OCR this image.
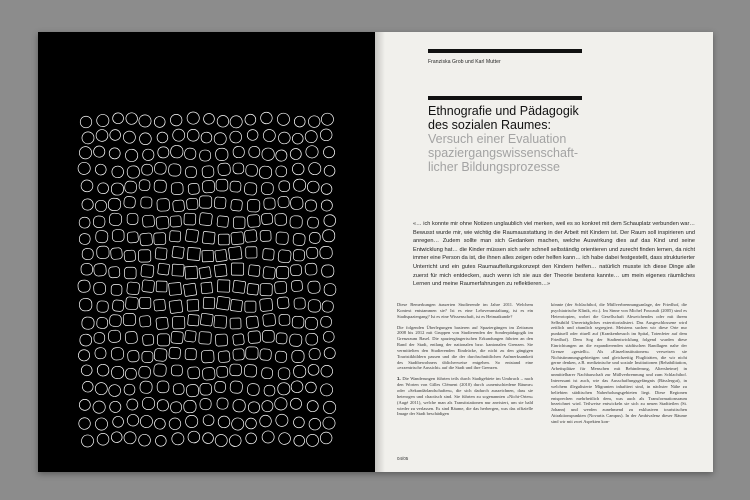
Franziska Grob und Karl Mutter
Ethnografie und Pädagogik
des sozialen Raumes:
Versuch einer Evaluation
spaziergangswissenschaft-
licher Bildungsprozesse
«… ich konnte mir ohne Notizen unglaublich viel merken, weil es so konkret mit dem Schauplatz verbunden war… Bewusst wurde mir, wie wichtig die Raumausstattung in der Arbeit mit Kindern ist. Der Raum soll inspirieren und anregen… Zudem sollte man sich Gedanken machen, welche Auswirkung dies auf das Kind und seine Entwicklung hat… die Kinder müssen sich sehr schnell selbständig orientieren und zurecht finden lernen, da nicht immer eine Person da ist, die ihnen alles zeigen oder helfen kann… ich habe dabei festgestellt, dass strukturierter Unterricht und ein gutes Raumaufteilungskonzept den Kindern helfen… natürlich musste ich diese Dinge alle zuerst für mich entdecken, auch wenn ich sie aus der Theorie bestens kannte… um mein eigenes räumliches Lernen und meine Raumerfahrungen zu reflektieren…»

Diese Bemerkungen äusserten Studierende im Jahre 2011. Welchem Kontext entstammen sie? Ist es eine Lehrveranstaltung, ist es ein Stadtspaziergang? Ist es eine Wissenschaft, ist es Heimatkunde?

Die folgenden Überlegungen basieren auf Spaziergängen im Zeitraum 2008 bis 2012 mit Gruppen von Studierenden der Sonderpädagogik im Grenzraum Basel. Die spaziergängerischen Erkundungen führten an den Rand der Stadt, entlang der nationalen bzw. kantonalen Grenzen. Sie vermittelten den Studierenden Eindrücke, die nicht zu den gängigen Touristikbildern passen und die der durchschnittlichen Aufmerksamkeit des Stadtbewohners üblicherweise entgehen. So entstand eine «exzentrische Aussicht» auf die Stadt und ihre Grenzen.

1. Die Wanderungen führten teils durch Stadtgebiete im Umbruch – nach den Worten von Gilles Clément (2010) durch «unentschiedene Räume» oder «Sekundärlandschaften», die sich dadurch auszeichnen, dass sie heterogen und chaotisch sind. Sie führten zu sogenannten «Nicht-Orten» (Augé 2011), welche man als Transitstationen nur anvisiert, um sie bald wieder zu verlassen. Es sind Räume, die das herbergen, was das offizielle Image der Stadt beschädigen

könnte (der Schlachthof, die Müllverbrennungsanlage, der Friedhof, die psychiatrische Klinik, etc.). Im Sinne von Michel Foucault (2005) sind es Heterotopien, wobei die Gesellschaft Abweichendes oder mit ihrem Selbstbild Unverträgliches exterritorialisiert. Das Ausgeschlossene wird zeitlich und räumlich segregiert. Meistens suchen wir diese Orte nur punktuell oder rituell auf (Krankenbesuch im Spital, Totenfeier auf dem Friedhof). Dem Sog der Stadtentwicklung folgend wurden diese Einrichtungen an die expandierenden städtischen Randlagen nahe der Grenze «gestellt». Als «Einzelinstitutionen» verweisen sie Nichtstimmungsgebietigen und gleichzeitig Flugliträten, die wir nicht gerne denken, z.B. medizinische und soziale Institutionen (Rehabilitation, Arbeitsplätze für Menschen mit Behinderung, Altersheime) in unmittelbarer Nachbarschaft zur Müllverbrennung und zum Schlachthof. Interessant ist auch, wie das Ausschaffungsgefängnis (Bässlergut), in welchem illegalisierte Migranten inhaftiert sind, in nächster Nähe zu beliebten städtischen Naherholungsgebieten liegt. Diese Regionen entsprechen mehrheitlich dem, was auch als Transformationsraum bezeichnet wird. Teilweise entwickeln sie sich zu neuen Stadtteilen (St. Johann) und werden zunehmend zu exklusiven touristischen Attraktionspunkten (Novartis Campus). In der Ambivalenz dieser Räume sind wir mit zwei Aspekten kon-

04/05
